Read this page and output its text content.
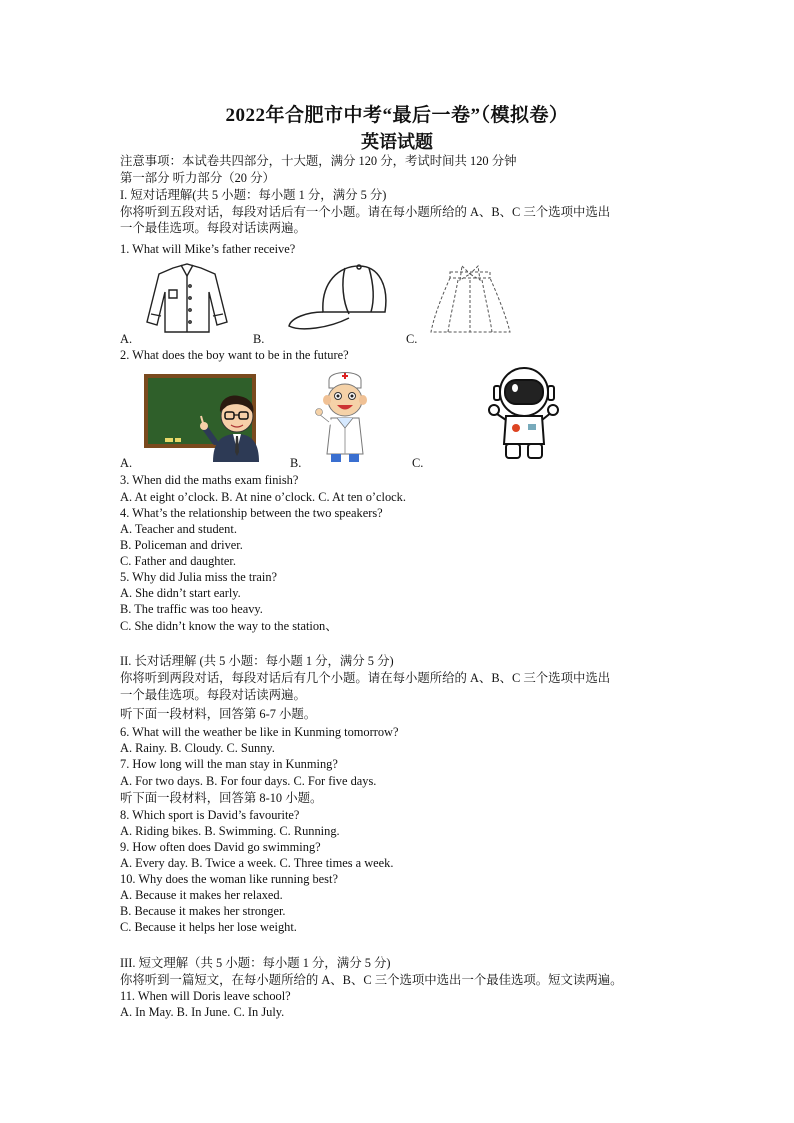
2022年合肥市中考“最后一卷”（模拟卷）
英语试题
注意事项：本试卷共四部分，十大题，满分 120 分，考试时间共 120 分钟
第一部分 听力部分（20 分）
I. 短对话理解(共 5 小题：每小题 1 分，满分 5 分)
你将听到五段对话，每段对话后有一个小题。请在每小题所给的 A、B、C 三个选项中选出
一个最佳选项。每段对话读两遍。
1. What will Mike’s father receive?
A.	B.	C.
2. What does the boy want to be in the future?
A.	B.	C.
3. When did the maths exam finish?
A. At eight o’clock. B. At nine o’clock. C. At ten o’clock.
4. What’s the relationship between the two speakers?
A. Teacher and student.
B. Policeman and driver.
C. Father and daughter.
5. Why did Julia miss the train?
A. She didn’t start early.
B. The traffic was too heavy.
C. She didn’t know the way to the station、
II. 长对话理解 (共 5 小题：每小题 1 分，满分 5 分)
你将听到两段对话，每段对话后有几个小题。请在每小题所给的 A、B、C 三个选项中选出
一个最佳选项。每段对话读两遍。
听下面一段材料，回答第 6-7 小题。
6. What will the weather be like in Kunming tomorrow?
A. Rainy. B. Cloudy. C. Sunny.
7. How long will the man stay in Kunming?
A. For two days. B. For four days. C. For five days.
听下面一段材料，回答第 8-10 小题。
8. Which sport is David’s favourite?
A. Riding bikes. B. Swimming. C. Running.
9. How often does David go swimming?
A. Every day. B. Twice a week. C. Three times a week.
10. Why does the woman like running best?
A. Because it makes her relaxed.
B. Because it makes her stronger.
C. Because it helps her lose weight.
III. 短文理解（共 5 小题：每小题 1 分，满分 5 分)
你将听到一篇短文，在每小题所给的 A、B、C 三个选项中选出一个最佳选项。短文读两遍。
11. When will Doris leave school?
A. In May. B. In June. C. In July.
